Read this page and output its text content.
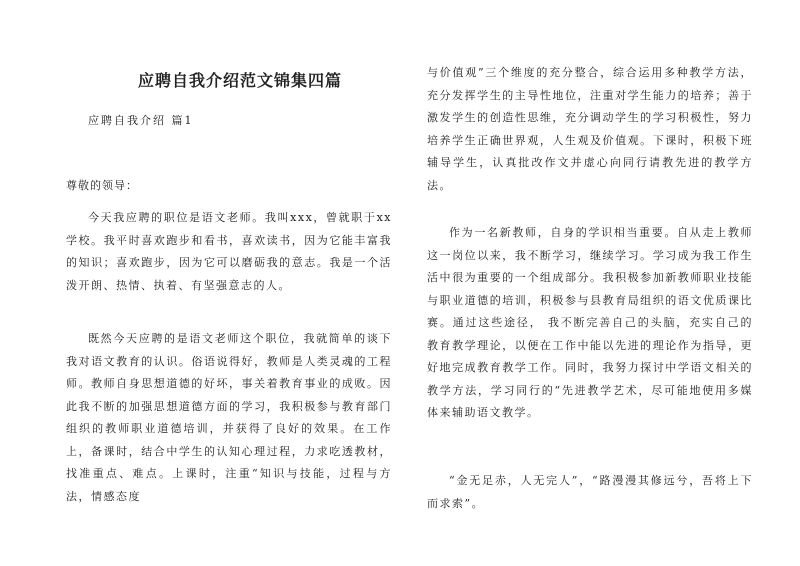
应聘自我介绍范文锦集四篇
应聘自我介绍 篇1
尊敬的领导：

今天我应聘的职位是语文老师。我叫xxx，曾就职于xx学校。我平时喜欢跑步和看书，喜欢读书，因为它能丰富我的知识；喜欢跑步，因为它可以磨砺我的意志。我是一个活泼开朗、热情、执着、有坚强意志的人。

既然今天应聘的是语文老师这个职位，我就简单的谈下我对语文教育的认识。俗语说得好，教师是人类灵魂的工程师。教师自身思想道德的好坏，事关着教育事业的成败。因此我不断的加强思想道德方面的学习，我积极参与教育部门组织的教师职业道德培训，并获得了良好的效果。在工作上，备课时，结合中学生的认知心理过程，力求吃透教材，找准重点、难点。上课时，注重“知识与技能，过程与方法，情感态度

与价值观”三个维度的充分整合，综合运用多种教学方法，充分发挥学生的主导性地位，注重对学生能力的培养；善于激发学生的创造性思维，充分调动学生的学习积极性，努力培养学生正确世界观，人生观及价值观。下课时，积极下班辅导学生，认真批改作文并虚心向同行请教先进的教学方法。

作为一名新教师，自身的学识相当重要。自从走上教师这一岗位以来，我不断学习，继续学习。学习成为我工作生活中很为重要的一个组成部分。我积极参加新教师职业技能与职业道德的培训，积极参与县教育局组织的语文优质课比赛。通过这些途径， 我不断完善自己的头脑，充实自己的教育教学理论，以便在工作中能以先进的理论作为指导，更好地完成教育教学工作。同时，我努力探讨中学语文相关的教学方法，学习同行的“先进教学艺术，尽可能地使用多媒体来辅助语文教学。

“金无足赤，人无完人”，“路漫漫其修远兮，吾将上下而求索”。
